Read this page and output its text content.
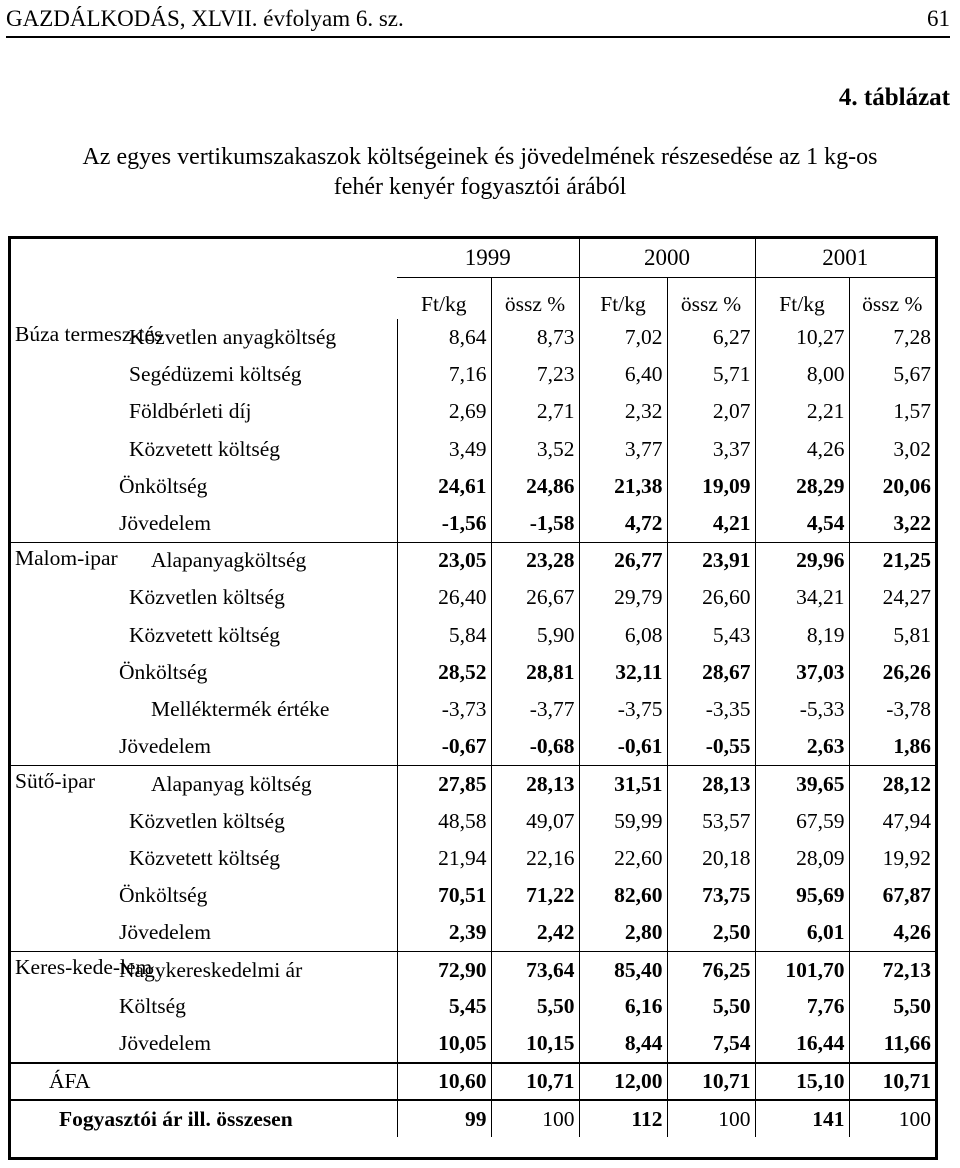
GAZDÁLKODÁS, XLVII. évfolyam 6. sz.	61
4. táblázat
Az egyes vertikumszakaszok költségeinek és jövedelmének részesedése az 1 kg-os
fehér kenyér fogyasztói árából
		1999		2000		2001	
		Ft/kg	össz %	Ft/kg	össz %	Ft/kg	össz %
Búza termesz-tés	Közvetlen anyagköltség	8,64	8,73	7,02	6,27	10,27	7,28
	Segédüzemi költség	7,16	7,23	6,40	5,71	8,00	5,67
	Földbérleti díj	2,69	2,71	2,32	2,07	2,21	1,57
	Közvetett költség	3,49	3,52	3,77	3,37	4,26	3,02
	Önköltség	24,61	24,86	21,38	19,09	28,29	20,06
	Jövedelem	-1,56	-1,58	4,72	4,21	4,54	3,22
Malom-ipar	Alapanyagköltség	23,05	23,28	26,77	23,91	29,96	21,25
	Közvetlen költség	26,40	26,67	29,79	26,60	34,21	24,27
	Közvetett költség	5,84	5,90	6,08	5,43	8,19	5,81
	Önköltség	28,52	28,81	32,11	28,67	37,03	26,26
	Melléktermék értéke	-3,73	-3,77	-3,75	-3,35	-5,33	-3,78
	Jövedelem	-0,67	-0,68	-0,61	-0,55	2,63	1,86
Sütő-ipar	Alapanyag költség	27,85	28,13	31,51	28,13	39,65	28,12
	Közvetlen költség	48,58	49,07	59,99	53,57	67,59	47,94
	Közvetett költség	21,94	22,16	22,60	20,18	28,09	19,92
	Önköltség	70,51	71,22	82,60	73,75	95,69	67,87
	Jövedelem	2,39	2,42	2,80	2,50	6,01	4,26
Keres-kede-lem	Nagykereskedelmi ár	72,90	73,64	85,40	76,25	101,70	72,13
	Költség	5,45	5,50	6,16	5,50	7,76	5,50
	Jövedelem	10,05	10,15	8,44	7,54	16,44	11,66
ÁFA		10,60	10,71	12,00	10,71	15,10	10,71
Fogyasztói ár ill. összesen		99	100	112	100	141	100
